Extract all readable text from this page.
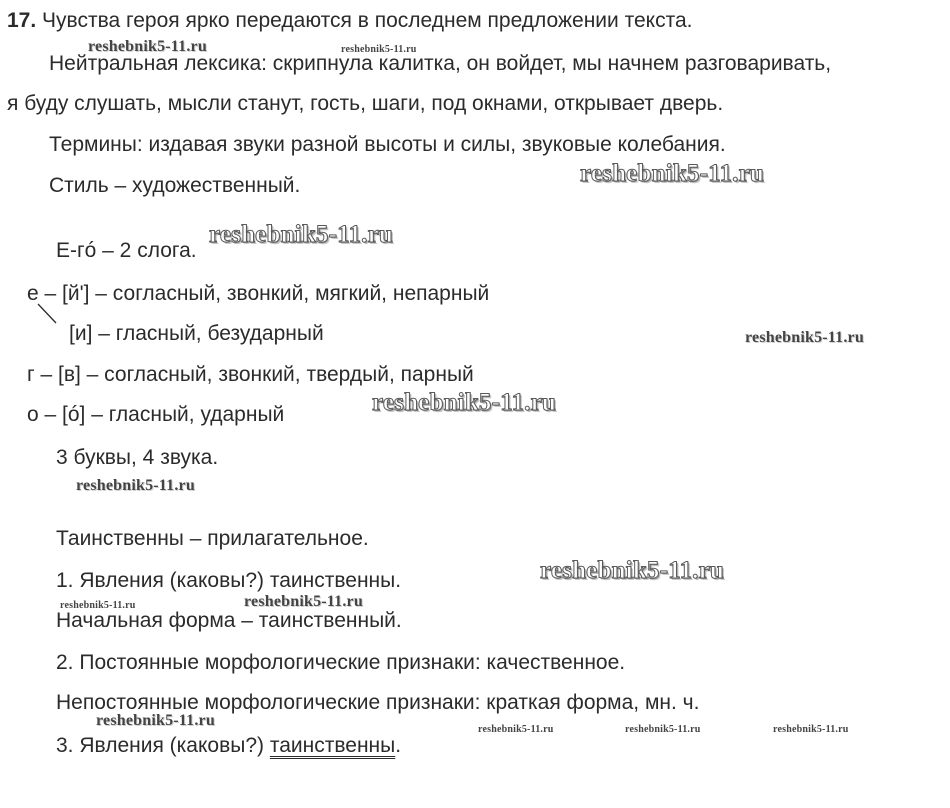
17. Чувства героя ярко передаются в последнем предложении текста.
Нейтральная лексика: скрипнула калитка, он войдет, мы начнем разговаривать,
я буду слушать, мысли станут, гость, шаги, под окнами, открывает дверь.
Термины: издавая звуки разной высоты и силы, звуковые колебания.
Стиль – художественный.
Е-гó – 2 слога.
е – [й'] – согласный, звонкий, мягкий, непарный
[и] – гласный, безударный
г – [в] – согласный, звонкий, твердый, парный
о – [ó] – гласный, ударный
3 буквы, 4 звука.
Таинственны – прилагательное.
1. Явления (каковы?) таинственны.
Начальная форма – таинственный.
2. Постоянные морфологические признаки: качественное.
Непостоянные морфологические признаки: краткая форма, мн. ч.
3. Явления (каковы?) таинственны.
reshebnik5-11.ru	reshebnik5-11.ru
reshebnik5-11.ru
reshebnik5-11.ru
reshebnik5-11.ru
reshebnik5-11.ru
reshebnik5-11.ru
reshebnik5-11.ru
reshebnik5-11.ru	reshebnik5-11.ru
reshebnik5-11.ru
reshebnik5-11.ru	reshebnik5-11.ru	reshebnik5-11.ru
